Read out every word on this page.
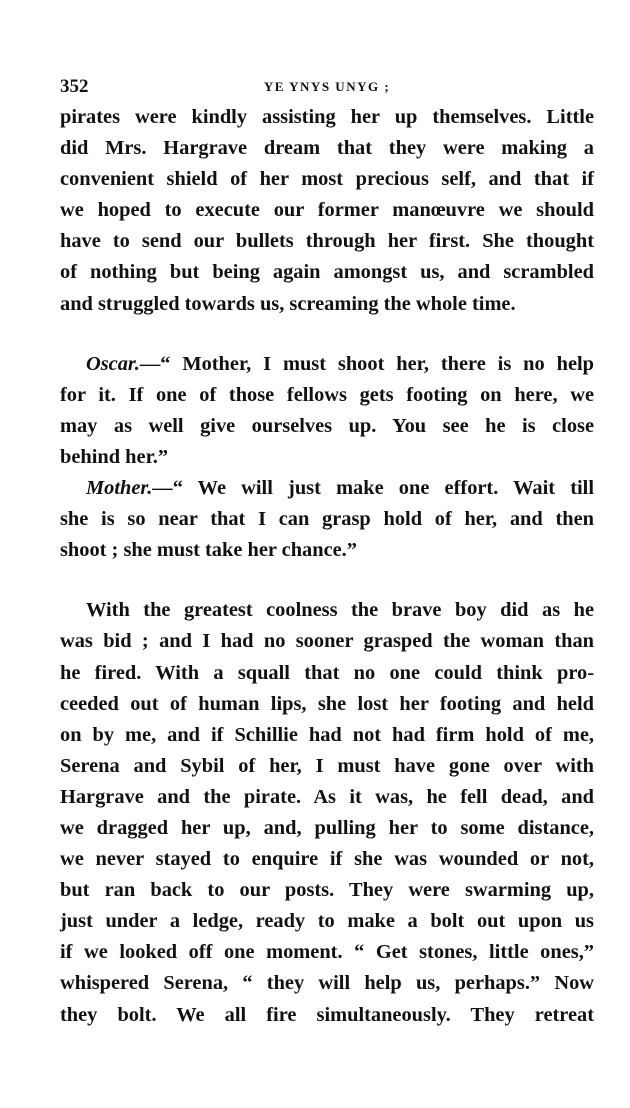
352	YE YNYS UNYG ;

pirates were kindly assisting her up themselves. Little
did Mrs. Hargrave dream that they were making a
convenient shield of her most precious self, and that if
we hoped to execute our former manœuvre we should
have to send our bullets through her first. She thought
of nothing but being again amongst us, and scrambled
and struggled towards us, screaming the whole time.

Oscar.—“ Mother, I must shoot her, there is no help
for it. If one of those fellows gets footing on here, we
may as well give ourselves up. You see he is close
behind her.”

Mother.—“ We will just make one effort. Wait till
she is so near that I can grasp hold of her, and then
shoot ; she must take her chance.”

With the greatest coolness the brave boy did as he
was bid ; and I had no sooner grasped the woman than
he fired. With a squall that no one could think pro-
ceeded out of human lips, she lost her footing and held
on by me, and if Schillie had not had firm hold of me,
Serena and Sybil of her, I must have gone over with
Hargrave and the pirate. As it was, he fell dead, and
we dragged her up, and, pulling her to some distance,
we never stayed to enquire if she was wounded or not,
but ran back to our posts. They were swarming up,
just under a ledge, ready to make a bolt out upon us
if we looked off one moment. “ Get stones, little ones,”
whispered Serena, “ they will help us, perhaps.” Now
they bolt. We all fire simultaneously. They retreat
